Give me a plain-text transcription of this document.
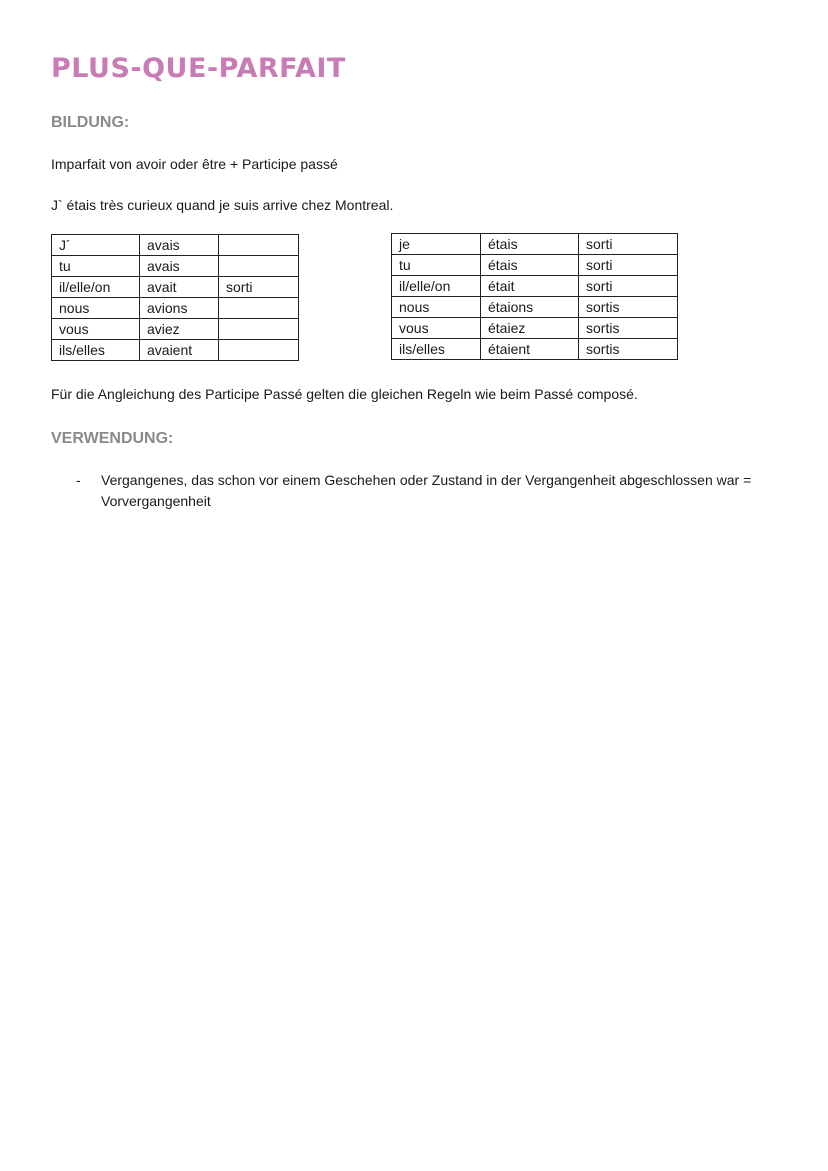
PLUS-QUE-PARFAIT
BILDUNG:

Imparfait von avoir oder être + Participe passé

J` étais très curieux quand je suis arrive chez Montreal.

J´	avais	
tu	avais	
il/elle/on	avait	sorti
nous	avions	
vous	aviez	
ils/elles	avaient	
je	étais	sorti
tu	étais	sorti
il/elle/on	était	sorti
nous	étaions	sortis
vous	étaiez	sortis
ils/elles	étaient	sortis

Für die Angleichung des Participe Passé gelten die gleichen Regeln wie beim Passé composé.

VERWENDUNG:
- Vergangenes, das schon vor einem Geschehen oder Zustand in der Vergangenheit abgeschlossen war = Vorvergangenheit
